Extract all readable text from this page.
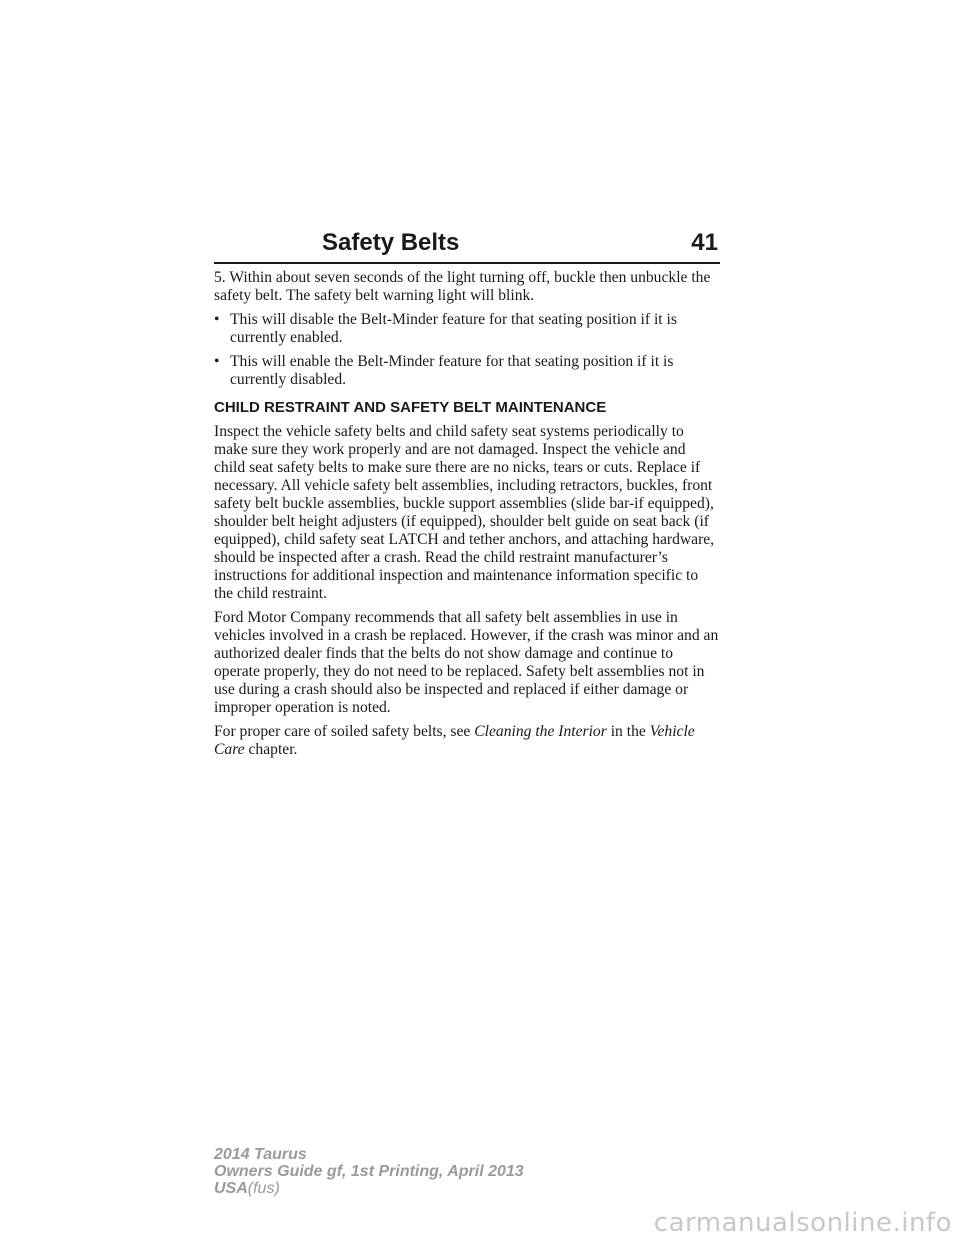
Safety Belts	41

5. Within about seven seconds of the light turning off, buckle then unbuckle the safety belt. The safety belt warning light will blink.

• This will disable the Belt-Minder feature for that seating position if it is currently enabled.
• This will enable the Belt-Minder feature for that seating position if it is currently disabled.
CHILD RESTRAINT AND SAFETY BELT MAINTENANCE

Inspect the vehicle safety belts and child safety seat systems periodically to make sure they work properly and are not damaged. Inspect the vehicle and child seat safety belts to make sure there are no nicks, tears or cuts. Replace if necessary. All vehicle safety belt assemblies, including retractors, buckles, front safety belt buckle assemblies, buckle support assemblies (slide bar-if equipped), shoulder belt height adjusters (if equipped), shoulder belt guide on seat back (if equipped), child safety seat LATCH and tether anchors, and attaching hardware, should be inspected after a crash. Read the child restraint manufacturer’s instructions for additional inspection and maintenance information specific to the child restraint.

Ford Motor Company recommends that all safety belt assemblies in use in vehicles involved in a crash be replaced. However, if the crash was minor and an authorized dealer finds that the belts do not show damage and continue to operate properly, they do not need to be replaced. Safety belt assemblies not in use during a crash should also be inspected and replaced if either damage or improper operation is noted.

For proper care of soiled safety belts, see Cleaning the Interior in the Vehicle Care chapter.

2014 Taurus
Owners Guide gf, 1st Printing, April 2013
USA(fus)
carmanualsonline.info
